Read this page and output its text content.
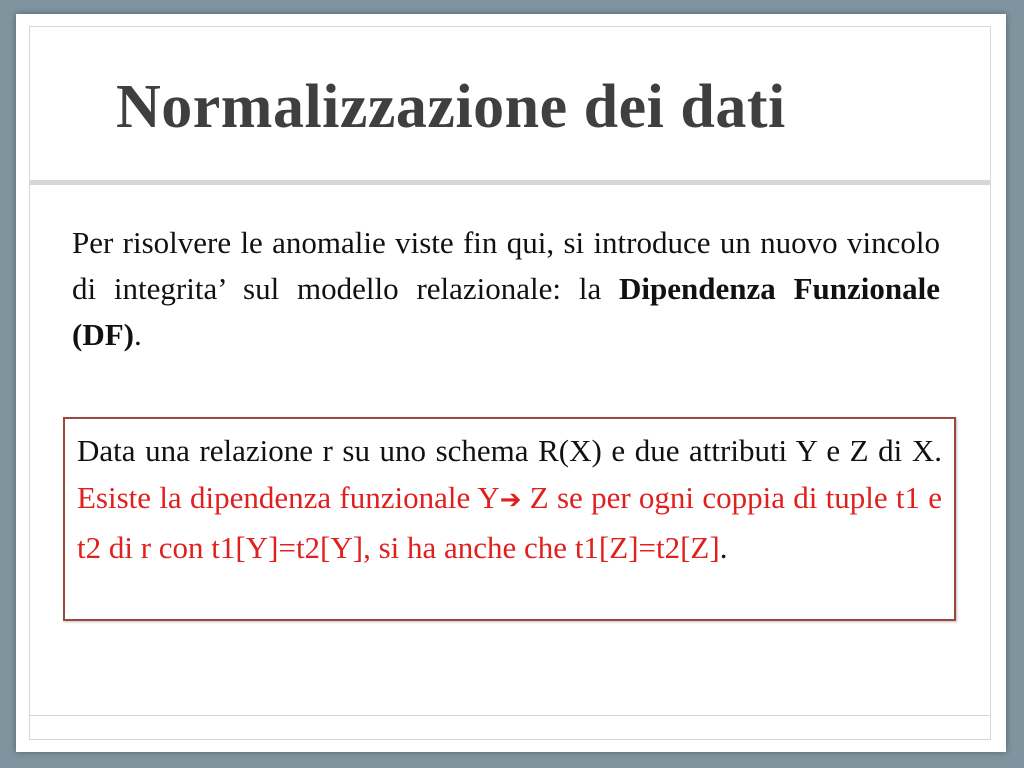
Normalizzazione dei dati

Per risolvere le anomalie viste fin qui, si introduce un nuovo vincolo di integrita’ sul modello relazionale: la Dipendenza Funzionale (DF).

Data una relazione r su uno schema R(X) e due attributi Y e Z di X. Esiste la dipendenza funzionale Y➔ Z se per ogni coppia di tuple t1 e t2 di r con t1[Y]=t2[Y], si ha anche che t1[Z]=t2[Z].
